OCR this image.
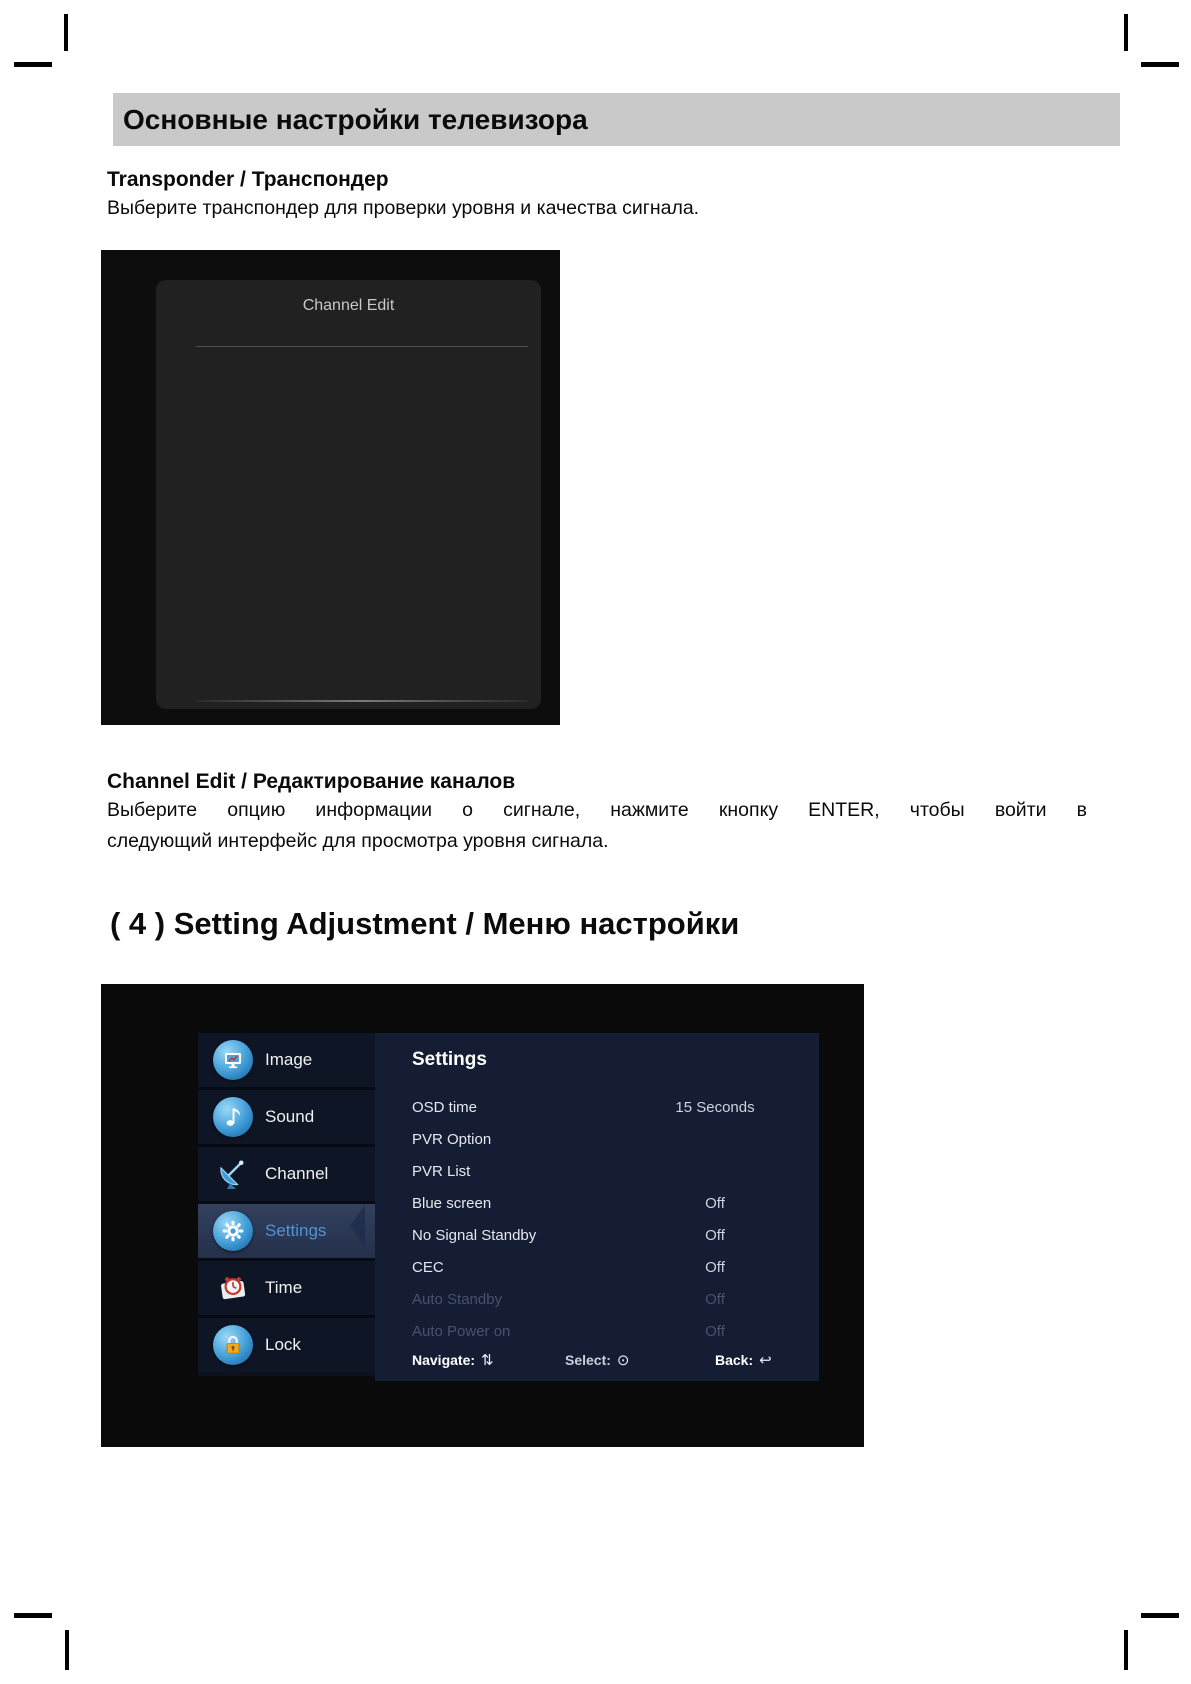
Основные настройки телевизора
Transponder / Транспондер
Выберите транспондер для проверки уровня и качества сигнала.
Channel Edit
Channel Edit / Редактирование каналов
Выберите опцию информации о сигнале, нажмите кнопку ENTER, чтобы войти в
следующий интерфейс для просмотра уровня сигнала.
( 4 ) Setting Adjustment / Меню настройки
Image
Sound
Channel
Settings
Time
Lock
Settings
OSD time	15 Seconds
PVR Option
PVR List
Blue screen	Off
No Signal Standby	Off
CEC	Off
Auto Standby	Off
Auto Power on	Off
Navigate: ⇅	Select: ⊙	Back: ↩
